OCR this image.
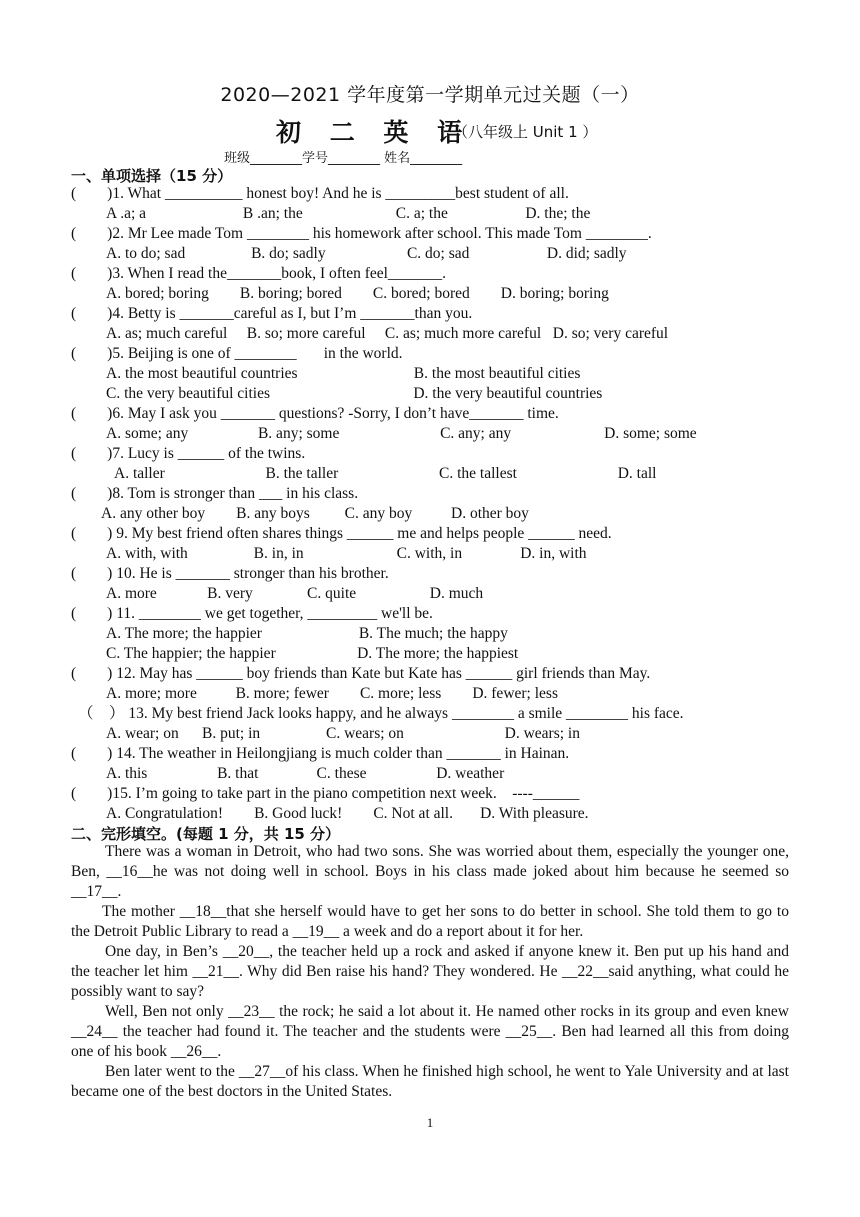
2020—2021 学年度第一学期单元过关题（一）
初 二 英 语
（八年级上 Unit 1 ）
班级________学号________ 姓名________
一、单项选择（15 分）
(        )1. What __________ honest boy! And he is _________best student of all.
A .a; a                         B .an; the                        C. a; the                    D. the; the
(        )2. Mr Lee made Tom ________ his homework after school. This made Tom ________.
A. to do; sad                 B. do; sadly                     C. do; sad                    D. did; sadly
(        )3. When I read the_______book, I often feel_______.
A. bored; boring        B. boring; bored        C. bored; bored        D. boring; boring
(        )4. Betty is _______careful as I, but I’m _______than you.
A. as; much careful     B. so; more careful     C. as; much more careful   D. so; very careful
(        )5. Beijing is one of ________       in the world.
A. the most beautiful countries                              B. the most beautiful cities
C. the very beautiful cities                                     D. the very beautiful countries
(        )6. May I ask you _______ questions? -Sorry, I don’t have_______ time.
A. some; any                  B. any; some                          C. any; any                        D. some; some
(        )7. Lucy is ______ of the twins.
A. taller                          B. the taller                          C. the tallest                          D. tall
(        )8. Tom is stronger than ___ in his class.
A. any other boy        B. any boys         C. any boy          D. other boy
(        ) 9. My best friend often shares things ______ me and helps people ______ need.
A. with, with                 B. in, in                        C. with, in               D. in, with
(        ) 10. He is _______ stronger than his brother.
A. more             B. very              C. quite                   D. much
(        ) 11. ________ we get together, _________ we'll be.
A. The more; the happier                         B. The much; the happy
C. The happier; the happier                     D. The more; the happiest
(        ) 12. May has ______ boy friends than Kate but Kate has ______ girl friends than May.
A. more; more          B. more; fewer        C. more; less        D. fewer; less
（    ） 13. My best friend Jack looks happy, and he always ________ a smile ________ his face.
A. wear; on      B. put; in                 C. wears; on                          D. wears; in
(        ) 14. The weather in Heilongjiang is much colder than _______ in Hainan.
A. this                  B. that               C. these                  D. weather
(        )15. I’m going to take part in the piano competition next week.    ----______
A. Congratulation!        B. Good luck!        C. Not at all.       D. With pleasure.
二、完形填空。(每题 1 分，共 15 分）
There was a woman in Detroit, who had two sons. She was worried about them, especially the younger one, Ben, __16__he was not doing well in school. Boys in his class made joked about him because he seemed so __17__.
The mother __18__that she herself would have to get her sons to do better in school. She told them to go to the Detroit Public Library to read a __19__ a week and do a report about it for her.
One day, in Ben’s __20__, the teacher held up a rock and asked if anyone knew it. Ben put up his hand and the teacher let him __21__. Why did Ben raise his hand? They wondered. He __22__said anything, what could he possibly want to say?
Well, Ben not only __23__ the rock; he said a lot about it. He named other rocks in its group and even knew __24__ the teacher had found it. The teacher and the students were __25__. Ben had learned all this from doing one of his book __26__.
Ben later went to the __27__of his class. When he finished high school, he went to Yale University and at last became one of the best doctors in the United States.
1
